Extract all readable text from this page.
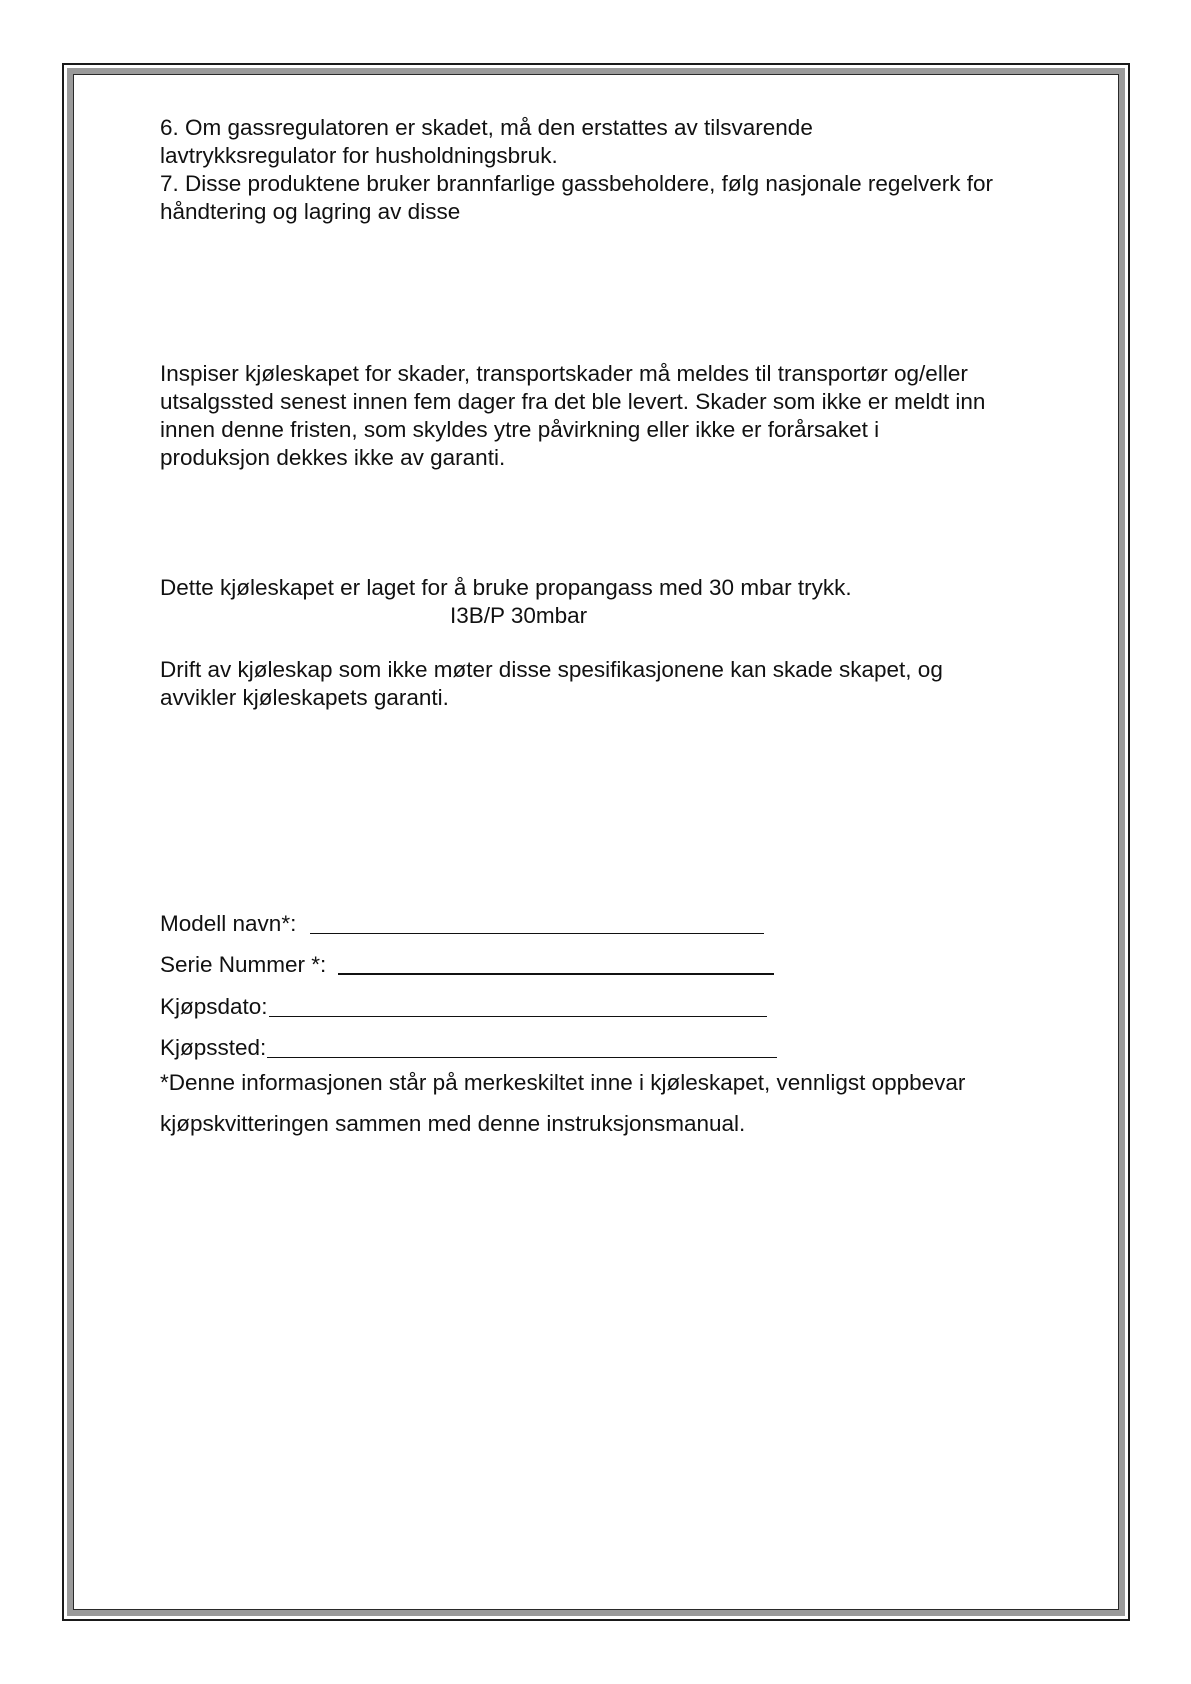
6. Om gassregulatoren er skadet, må den erstattes av tilsvarende

lavtrykksregulator for husholdningsbruk.

7. Disse produktene bruker brannfarlige gassbeholdere, følg nasjonale regelverk for

håndtering og lagring av disse

Inspiser kjøleskapet for skader, transportskader må meldes til transportør og/eller

utsalgssted senest innen fem dager fra det ble levert. Skader som ikke er meldt inn

innen denne fristen, som skyldes ytre påvirkning eller ikke er forårsaket i

produksjon dekkes ikke av garanti.

Dette kjøleskapet er laget for å bruke propangass med 30 mbar trykk.

I3B/P 30mbar

Drift av kjøleskap som ikke møter disse spesifikasjonene kan skade skapet, og

avvikler kjøleskapets garanti.

Modell navn*:
Serie Nummer *:
Kjøpsdato:
Kjøpssted:

*Denne informasjonen står på merkeskiltet inne i kjøleskapet, vennligst oppbevar

kjøpskvitteringen sammen med denne instruksjonsmanual.
